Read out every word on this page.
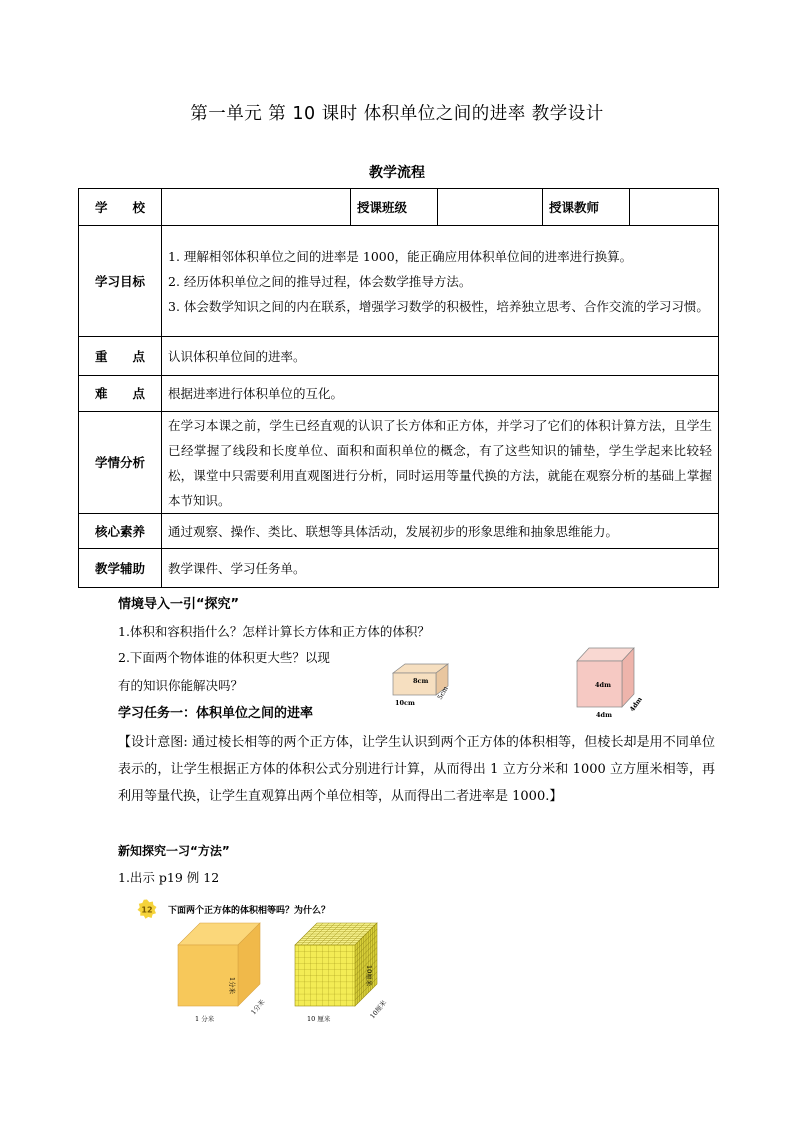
第一单元 第 10 课时 体积单位之间的进率 教学设计
教学流程
学 校		授课班级		授课教师	
学习目标	1. 理解相邻体积单位之间的进率是 1000，能正确应用体积单位间的进率进行换算。
2. 经历体积单位之间的推导过程，体会数学推导方法。
3. 体会数学知识之间的内在联系，增强学习数学的积极性，培养独立思考、合作交流的学习习惯。				

重 点	认识体积单位间的进率。				

难 点	根据进率进行体积单位的互化。				
学情分析	在学习本课之前，学生已经直观的认识了长方体和正方体，并学习了它们的体积计算方法，且学生已经掌握了线段和长度单位、面积和面积单位的概念，有了这些知识的铺垫，学生学起来比较轻松，课堂中只需要利用直观图进行分析，同时运用等量代换的方法，就能在观察分析的基础上掌握本节知识。				
核心素养	通过观察、操作、类比、联想等具体活动，发展初步的形象思维和抽象思维能力。				
教学辅助	教学课件、学习任务单。				
情境导入一引“探究”
1.体积和容积指什么？怎样计算长方体和正方体的体积？
2.下面两个物体谁的体积更大些？以现
有的知识你能解决吗？	8cm
5cm
10cm
4dm
4dm
4dm
学习任务一：体积单位之间的进率
【设计意图: 通过棱长相等的两个正方体，让学生认识到两个正方体的体积相等，但棱长却是用不同单位表示的，让学生根据正方体的体积公式分别进行计算，从而得出 1 立方分米和 1000 立方厘米相等，再利用等量代换，让学生直观算出两个单位相等，从而得出二者进率是 1000.】
新知探究一习“方法”
1.出示 p19 例 12
12 下面两个正方体的体积相等吗？为什么？
1分米
1 分米
1分米
10厘米
10 厘米	10厘米
